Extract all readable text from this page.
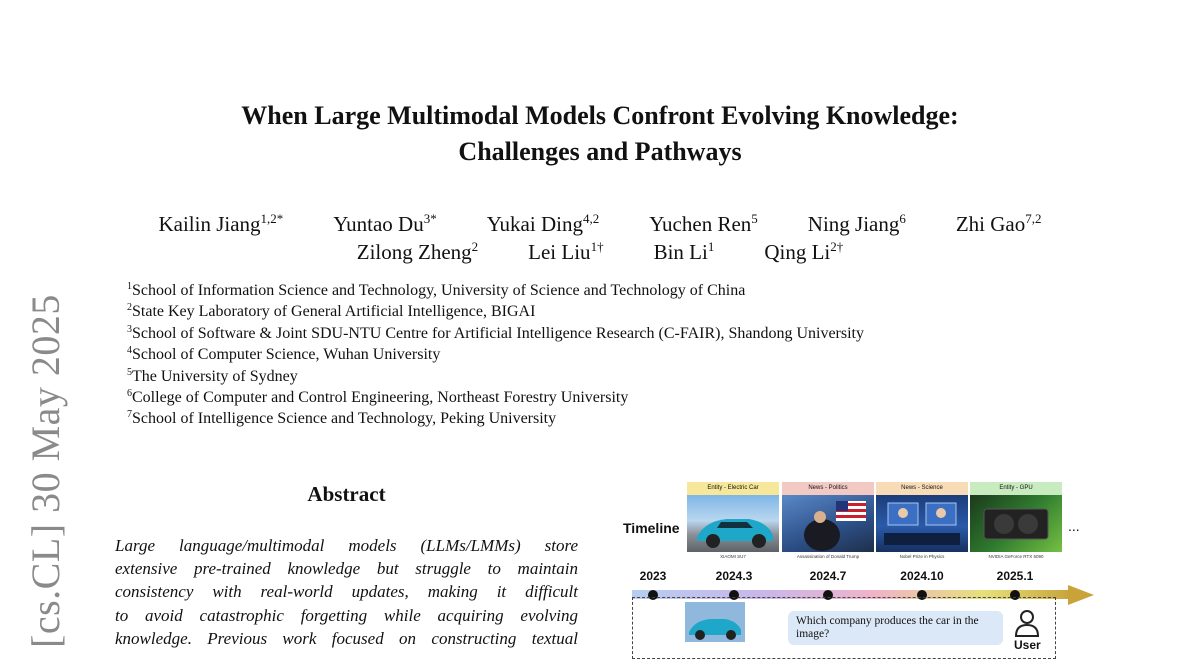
[cs.CL] 30 May 2025
When Large Multimodal Models Confront Evolving Knowledge:
Challenges and Pathways
Kailin Jiang$^{1,2*}$ Yuntao $Du^{3*}$ Yukai Ding$^{4,2}$ Yuchen Ren$^5$ Ning Jiang$^6$ Zhi Gao$^{7,2}$
Zilong Zheng$^2$ Lei Liu$^{1\dagger}$ Bin Li$^1$ Qing $Li^{2\dagger}$
$^1$School of Information Science and Technology, University of Science and Technology of China
$^2$State Key Laboratory of General Artificial Intelligence, BIGAI
$^3$School of Software & Joint SDU-NTU Centre for Artificial Intelligence Research (C-FAIR), Shandong University
$^4$School of Computer Science, Wuhan University
$^5$The University of Sydney
$^6$College of Computer and Control Engineering, Northeast Forestry University
$^7$School of Intelligence Science and Technology, Peking University
Abstract
Large language/multimodal models (LLMs/LMMs) store
extensive pre-trained knowledge but struggle to maintain
consistency with real-world updates, making it difficult
to avoid catastrophic forgetting while acquiring evolving
knowledge. Previous work focused on constructing textual
Timeline
Entity - Electric Car
XIAOMI SU7
News - Politics
Assassination of Donald Trump
News - Science
Nobel Prize in Physics
Entity - GPU
NVIDIA GeForce RTX 5090
...
2023	2024.3	2024.7	2024.10	2025.1
Which company produces the car in the image?
User
